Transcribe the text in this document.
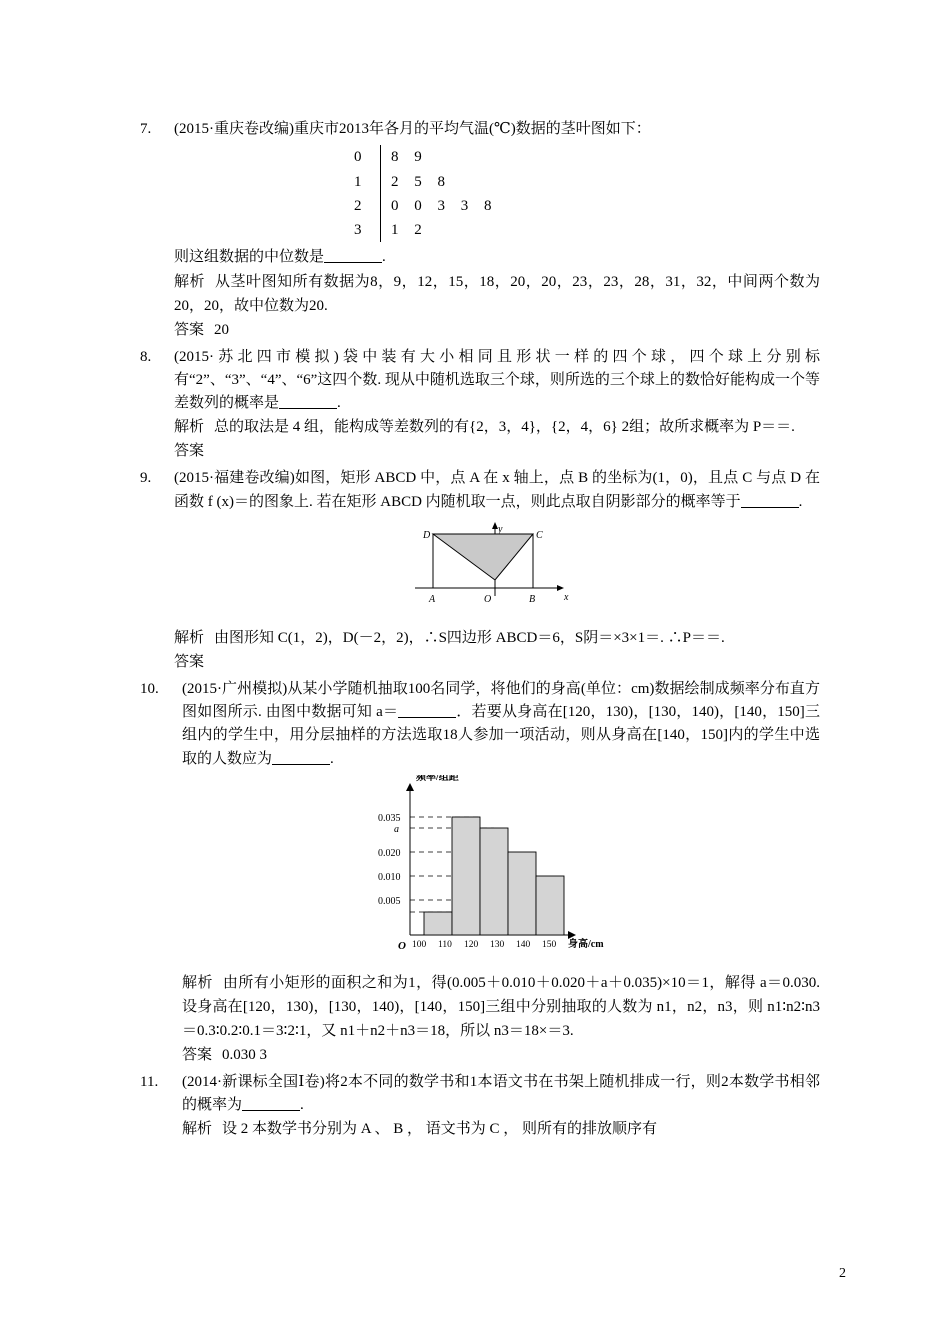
7.	(2015·重庆卷改编)重庆市2013年各月的平均气温(℃)数据的茎叶图如下：
0	8 9
1	2 5 8
2	0 0 3 3 8
3	1 2
则这组数据的中位数是	.
解析 从茎叶图知所有数据为8，9，12，15，18，20，20，23，23，28，31，32，中间两个数为20，20，故中位数为20.
答案 20
8.	(2015·苏北四市模拟)袋中装有大小相同且形状一样的四个球，四个球上分别标有“2”、“3”、“4”、“6”这四个数. 现从中随机选取三个球，则所选的三个球上的数恰好能构成一个等差数列的概率是	.
解析 总的取法是 4 组，能构成等差数列的有{2，3，4}，{2，4，6} 2组；故所求概率为 P＝＝.
答案
9.	(2015·福建卷改编)如图，矩形 ABCD 中，点 A 在 x 轴上，点 B 的坐标为(1，0)，且点 C 与点 D 在函数 f (x)＝的图象上. 若在矩形 ABCD 内随机取一点，则此点取自阴影部分的概率等于	.
y
D	C
A	O	B	x
解析 由图形知 C(1，2)，D(－2，2)，∴S四边形 ABCD＝6，S阴＝×3×1＝. ∴P＝＝.
答案
10.	(2015·广州模拟)从某小学随机抽取100名同学，将他们的身高(单位：cm)数据绘制成频率分布直方图如图所示. 由图中数据可知 a＝	．若要从身高在[120，130)，[130，140)，[140，150]三组内的学生中，用分层抽样的方法选取18人参加一项活动，则从身高在[140，150]内的学生中选取的人数应为	.
0.035
a
0.020
0.010
0.005
100 110 120 130 140 150
频率/组距
身高/cm
O
解析 由所有小矩形的面积之和为1，得(0.005＋0.010＋0.020＋a＋0.035)×10＝1，解得 a＝0.030. 设身高在[120，130)，[130，140)，[140，150]三组中分别抽取的人数为 n1，n2，n3，则 n1∶n2∶n3＝0.3∶0.2∶0.1＝3∶2∶1，又 n1＋n2＋n3＝18，所以 n3＝18×＝3.
答案 0.030 3
11.	(2014·新课标全国Ⅰ卷)将2本不同的数学书和1本语文书在书架上随机排成一行，则2本数学书相邻的概率为	.
解析 设 2 本数学书分别为 A 、 B ， 语文书为 C ， 则所有的排放顺序有
2
